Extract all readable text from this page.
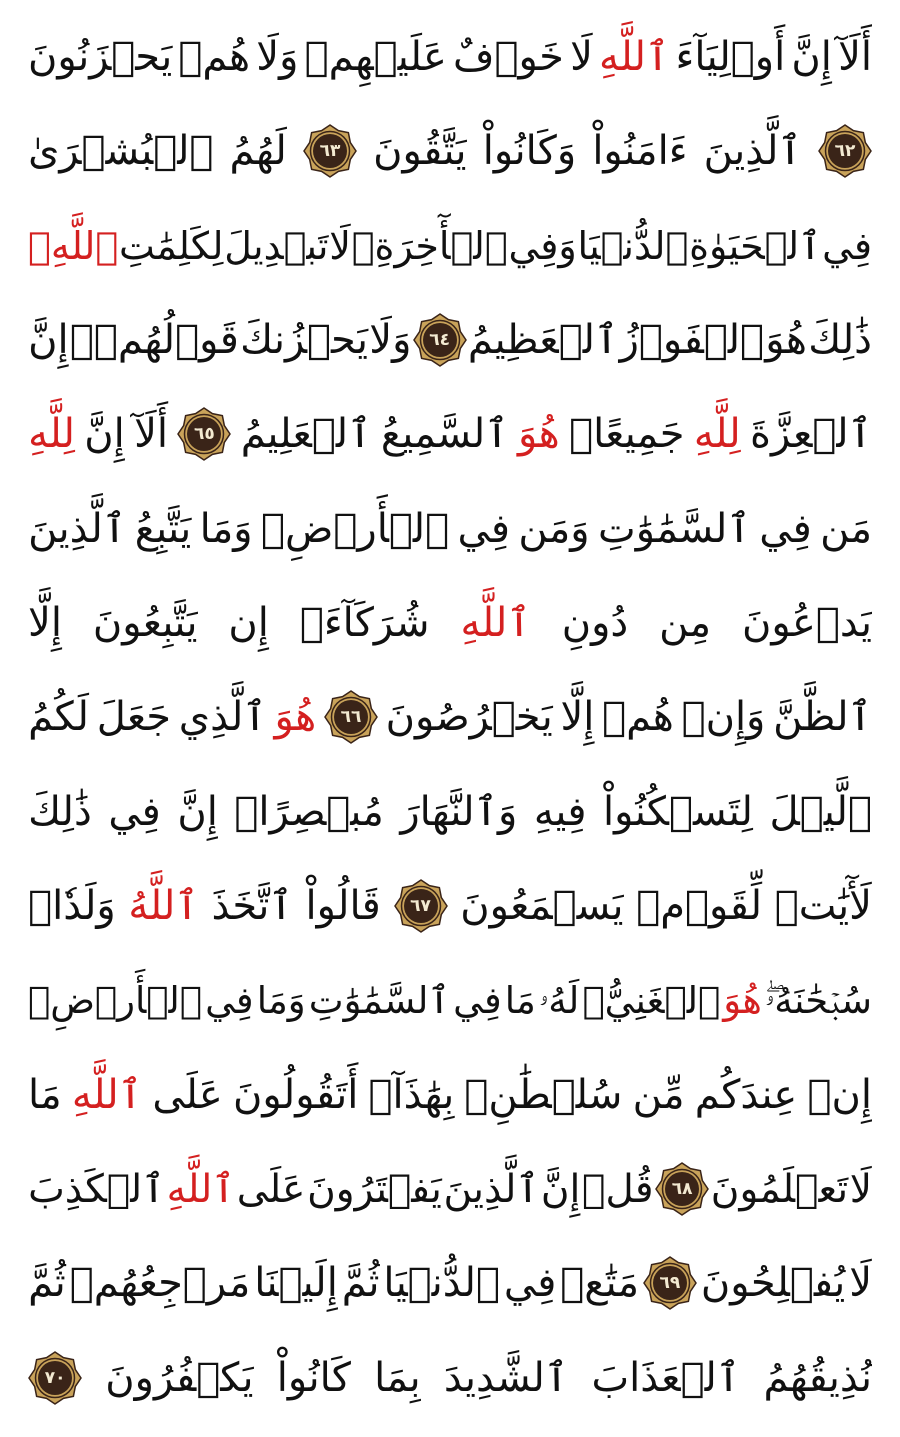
أَلَآ
إِنَّ
أَوۡلِيَآءَ
ٱللَّهِ
لَا
خَوۡفٌ
عَلَيۡهِمۡ
وَلَا
هُمۡ
يَحۡزَنُونَ
٦٢
ٱلَّذِينَ
ءَامَنُواْ
وَكَانُواْ
يَتَّقُونَ
٦٣
لَهُمُ
ٱلۡبُشۡرَىٰ
فِي
ٱلۡحَيَوٰةِ
ٱلدُّنۡيَا
وَفِي
ٱلۡأٓخِرَةِۚ
لَا
تَبۡدِيلَ
لِكَلِمَٰتِ
ٱللَّهِۚ
ذَٰلِكَ
هُوَ
ٱلۡفَوۡزُ
ٱلۡعَظِيمُ
٦٤
وَلَا
يَحۡزُنكَ
قَوۡلُهُمۡۘ
إِنَّ
ٱلۡعِزَّةَ
لِلَّهِ
جَمِيعًاۚ
هُوَ
ٱلسَّمِيعُ
ٱلۡعَلِيمُ
٦٥
أَلَآ
إِنَّ
لِلَّهِ
مَن
فِي
ٱلسَّمَٰوَٰتِ
وَمَن
فِي
ٱلۡأَرۡضِۗ
وَمَا
يَتَّبِعُ
ٱلَّذِينَ
يَدۡعُونَ
مِن
دُونِ
ٱللَّهِ
شُرَكَآءَۚ
إِن
يَتَّبِعُونَ
إِلَّا
ٱلظَّنَّ
وَإِنۡ
هُمۡ
إِلَّا
يَخۡرُصُونَ
٦٦
هُوَ
ٱلَّذِي
جَعَلَ
لَكُمُ
ٱلَّيۡلَ
لِتَسۡكُنُواْ
فِيهِ
وَٱلنَّهَارَ
مُبۡصِرًاۚ
إِنَّ
فِي
ذَٰلِكَ
لَأٓيَٰتٖ
لِّقَوۡمٖ
يَسۡمَعُونَ
٦٧
قَالُواْ
ٱتَّخَذَ
ٱللَّهُ
وَلَدٗاۗ
سُبۡحَٰنَهُۥۖ
هُوَ
ٱلۡغَنِيُّۖ
لَهُۥ
مَا
فِي
ٱلسَّمَٰوَٰتِ
وَمَا
فِي
ٱلۡأَرۡضِۚ
إِنۡ
عِندَكُم
مِّن
سُلۡطَٰنِۭ
بِهَٰذَآۚ
أَتَقُولُونَ
عَلَى
ٱللَّهِ
مَا
لَا
تَعۡلَمُونَ
٦٨
قُلۡ
إِنَّ
ٱلَّذِينَ
يَفۡتَرُونَ
عَلَى
ٱللَّهِ
ٱلۡكَذِبَ
لَا
يُفۡلِحُونَ
٦٩
مَتَٰعٞ
فِي
ٱلدُّنۡيَا
ثُمَّ
إِلَيۡنَا
مَرۡجِعُهُمۡ
ثُمَّ
نُذِيقُهُمُ
ٱلۡعَذَابَ
ٱلشَّدِيدَ
بِمَا
كَانُواْ
يَكۡفُرُونَ
٧٠
